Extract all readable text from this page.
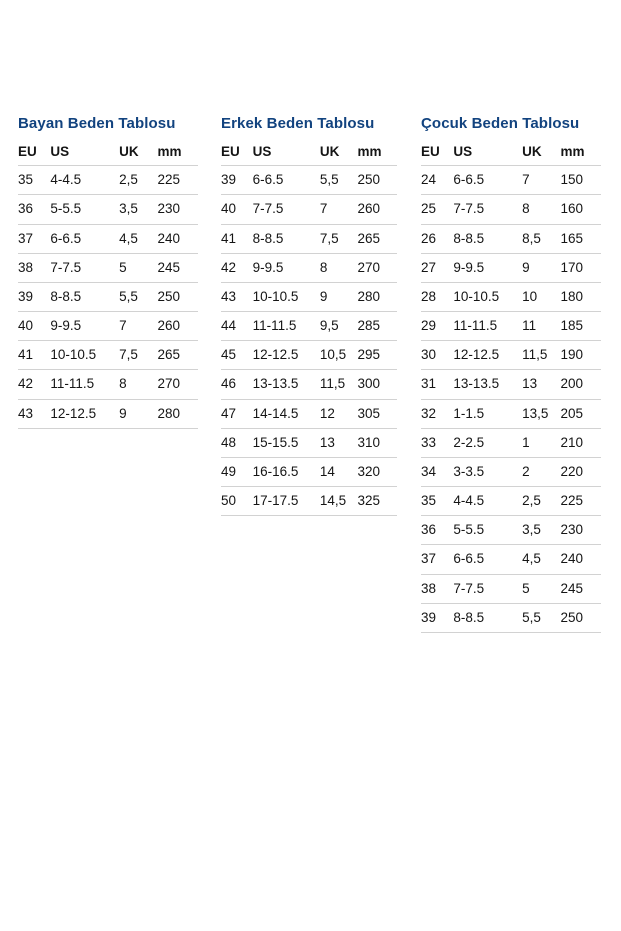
Bayan Beden Tablosu
EU	US	UK	mm
35	4-4.5	2,5	225
36	5-5.5	3,5	230
37	6-6.5	4,5	240
38	7-7.5	5	245
39	8-8.5	5,5	250
40	9-9.5	7	260
41	10-10.5	7,5	265
42	11-11.5	8	270
43	12-12.5	9	280
Erkek Beden Tablosu
EU	US	UK	mm
39	6-6.5	5,5	250
40	7-7.5	7	260
41	8-8.5	7,5	265
42	9-9.5	8	270
43	10-10.5	9	280
44	11-11.5	9,5	285
45	12-12.5	10,5	295
46	13-13.5	11,5	300
47	14-14.5	12	305
48	15-15.5	13	310
49	16-16.5	14	320
50	17-17.5	14,5	325
Çocuk Beden Tablosu
EU	US	UK	mm
24	6-6.5	7	150
25	7-7.5	8	160
26	8-8.5	8,5	165
27	9-9.5	9	170
28	10-10.5	10	180
29	11-11.5	11	185
30	12-12.5	11,5	190
31	13-13.5	13	200
32	1-1.5	13,5	205
33	2-2.5	1	210
34	3-3.5	2	220
35	4-4.5	2,5	225
36	5-5.5	3,5	230
37	6-6.5	4,5	240
38	7-7.5	5	245
39	8-8.5	5,5	250
